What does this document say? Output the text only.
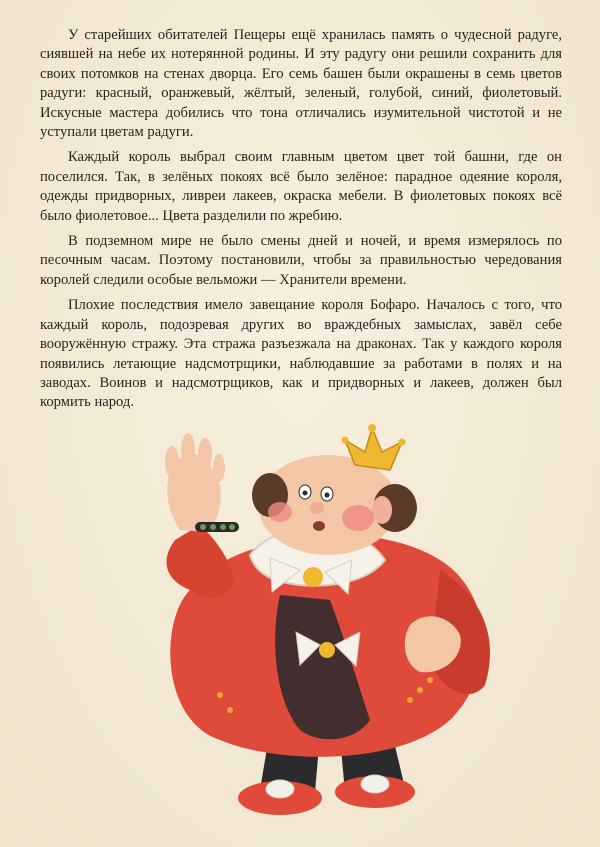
У старейших обитателей Пещеры ещё хранилась память о чудесной радуге, сиявшей на небе их нотерянной родины. И эту радугу они решили сохранить для своих потомков на стенах дворца. Его семь башен были окрашены в семь цветов радуги: красный, оранжевый, жёлтый, зеленый, голубой, синий, фиолетовый. Искусные мастера добились что тона отличались изумительной чистотой и не уступали цветам радуги.

Каждый король выбрал своим главным цветом цвет той башни, где он поселился. Так, в зелёных покоях всё было зелёное: парадное одеяние короля, одежды придворных, ливреи лакеев, окраска мебели. В фиолетовых покоях всё было фиолетовое... Цвета разделили по жребию.

В подземном мире не было смены дней и ночей, и время измерялось по песочным часам. Поэтому постановили, чтобы за правильностью чередования королей следили особые вельможи — Хранители времени.

Плохие последствия имело завещание короля Бофаро. Началось с того, что каждый король, подозревая других во враждебных замыслах, завёл себе вооружённую стражу. Эта стража разъезжала на драконах. Так у каждого короля появились летающие надсмотрщики, наблюдавшие за работами в полях и на заводах. Воинов и надсмотрщиков, как и придворных и лакеев, должен был кормить народ.
